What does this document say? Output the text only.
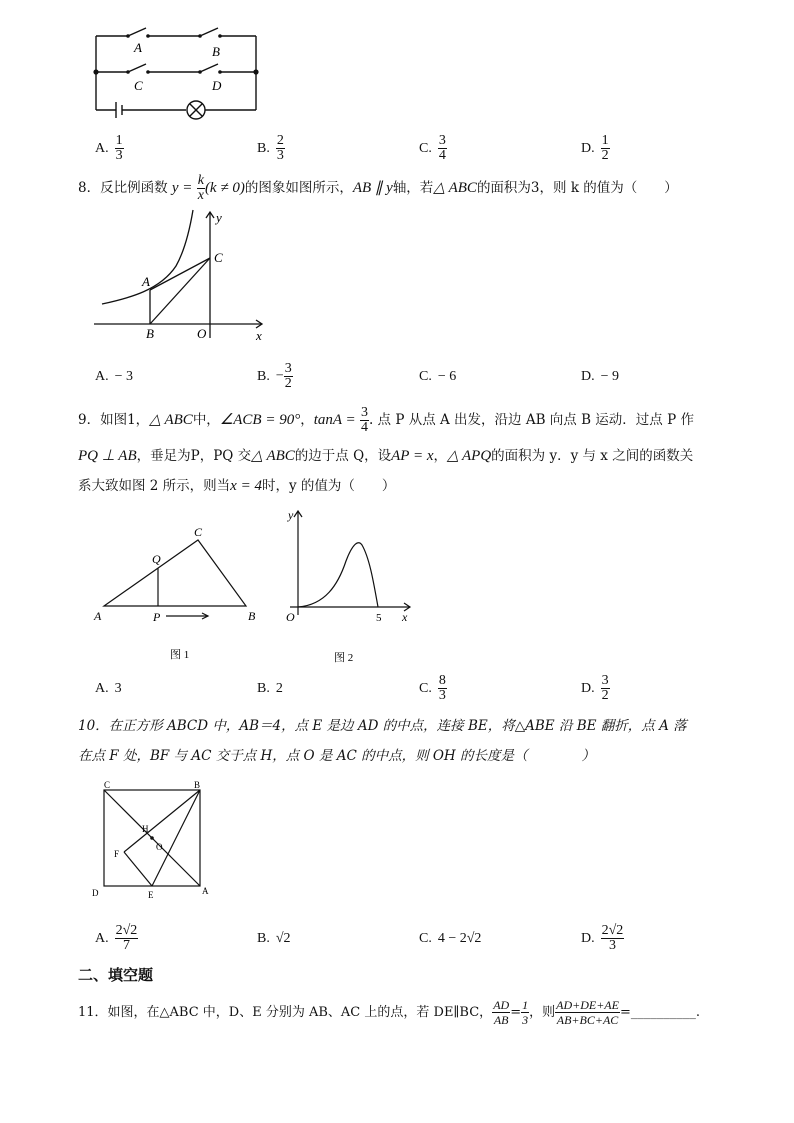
A	B
C	D
A. $\frac{1}{3}$	B. $\frac{2}{3}$	C. $\frac{3}{4}$	D. $\frac{1}{2}$
8．反比例函数 $y = \frac{k}{x} (k \ne 0)$的图象如图所示，AB ∥ y轴，若△ ABC的面积为3，则 k 的值为（　　）
y
x
A
B
C
O
A. − 3	B. − $\frac{3}{2}$	C. − 6	D. − 9
9．如图1，△ ABC中，∠ACB = 90°，$\tan A = \frac{3}{4}$ . 点 P 从点 A 出发，沿边 AB 向点 B 运动．过点 P 作
PQ ⊥ AB，垂足为P，PQ 交△ ABC的边于点 Q，设AP = x，△ APQ的面积为 y．y 与 x 之间的函数关
系大致如图 2 所示，则当x = 4时，y 的值为（　　）
A	B
C
P
Q
图 1
y
x
O	5
图 2
A. 3	B. 2	C. $\frac{8}{3}$	D. $\frac{3}{2}$
10．在正方形 ABCD 中，AB＝4，点 E 是边 AD 的中点，连接 BE，将△ABE 沿 BE 翻折，点 A 落
在点 F 处，BF 与 AC 交于点 H，点 O 是 AC 的中点，则 OH 的长度是（　　　　）
C	B
D	A
E
F
H
O
A. $\frac{2√2}{7}$	B. √2	C. 4 − 2√2	D. $\frac{2√2}{3}$
二、填空题
11．如图，在△ABC 中，D、E 分别为 AB、AC 上的点，若 DE∥BC， $\frac{AD}{AB} = \frac{1}{3}$ ，则 $\frac{AD+DE+AE}{AB+BC+AC}$ =__________.
